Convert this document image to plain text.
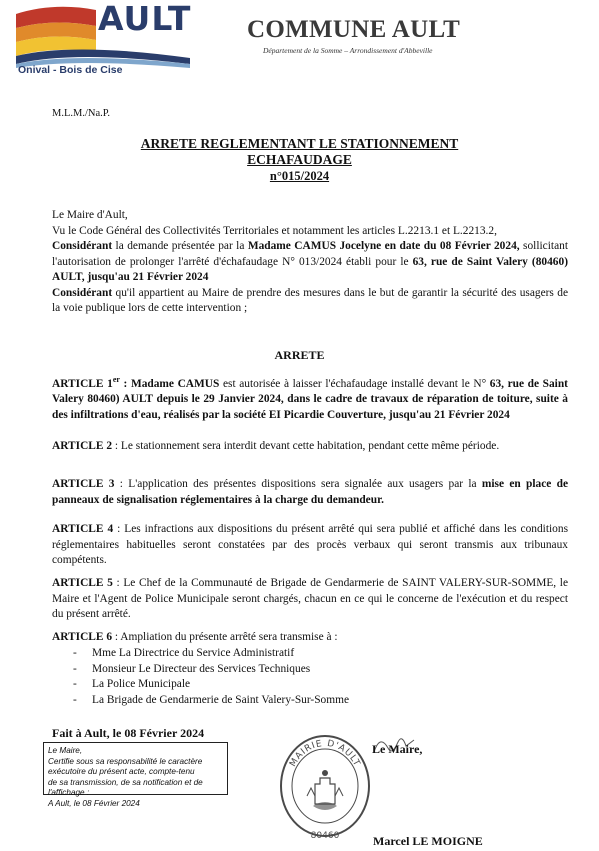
AULT
Onival - Bois de Cise
COMMUNE AULT
Département de la Somme – Arrondissement d'Abbeville
M.L.M./Na.P.
ARRETE REGLEMENTANT LE STATIONNEMENT
ECHAFAUDAGE
n°015/2024
Le Maire d'Ault,
Vu le Code Général des Collectivités Territoriales et notamment les articles L.2213.1 et L.2213.2,
Considérant la demande présentée par la Madame CAMUS Jocelyne en date du 08 Février 2024, sollicitant l'autorisation de prolonger l'arrêté d'échafaudage N° 013/2024 établi pour le 63, rue de Saint Valery (80460) AULT, jusqu'au 21 Février 2024
Considérant qu'il appartient au Maire de prendre des mesures dans le but de garantir la sécurité des usagers de la voie publique lors de cette intervention ;
ARRETE
ARTICLE 1er : Madame CAMUS est autorisée à laisser l'échafaudage installé devant le N° 63, rue de Saint Valery 80460) AULT depuis le 29 Janvier 2024, dans le cadre de travaux de réparation de toiture, suite à des infiltrations d'eau, réalisés par la société EI Picardie Couverture, jusqu'au 21 Février 2024
ARTICLE 2 : Le stationnement sera interdit devant cette habitation, pendant cette même période.
ARTICLE 3 : L'application des présentes dispositions sera signalée aux usagers par la mise en place de panneaux de signalisation réglementaires à la charge du demandeur.
ARTICLE 4 : Les infractions aux dispositions du présent arrêté qui sera publié et affiché dans les conditions réglementaires habituelles seront constatées par des procès verbaux qui seront transmis aux tribunaux compétents.
ARTICLE 5 : Le Chef de la Communauté de Brigade de Gendarmerie de SAINT VALERY-SUR-SOMME, le Maire et l'Agent de Police Municipale seront chargés, chacun en ce qui le concerne de l'exécution et du respect du présent arrêté.
ARTICLE 6 : Ampliation du présente arrêté sera transmise à :
- Mme La Directrice du Service Administratif
- Monsieur Le Directeur des Services Techniques
- La Police Municipale
- La Brigade de Gendarmerie de Saint Valery-Sur-Somme
Fait à Ault, le 08 Février 2024
Le Maire,
Certifie sous sa responsabilité le caractère
exécutoire du présent acte, compte-tenu
de sa transmission, de sa notification et de
l'affichage :
A Ault, le 08 Février 2024
MAIRIE D'AULT
80460
Le Maire,
Marcel LE MOIGNE
